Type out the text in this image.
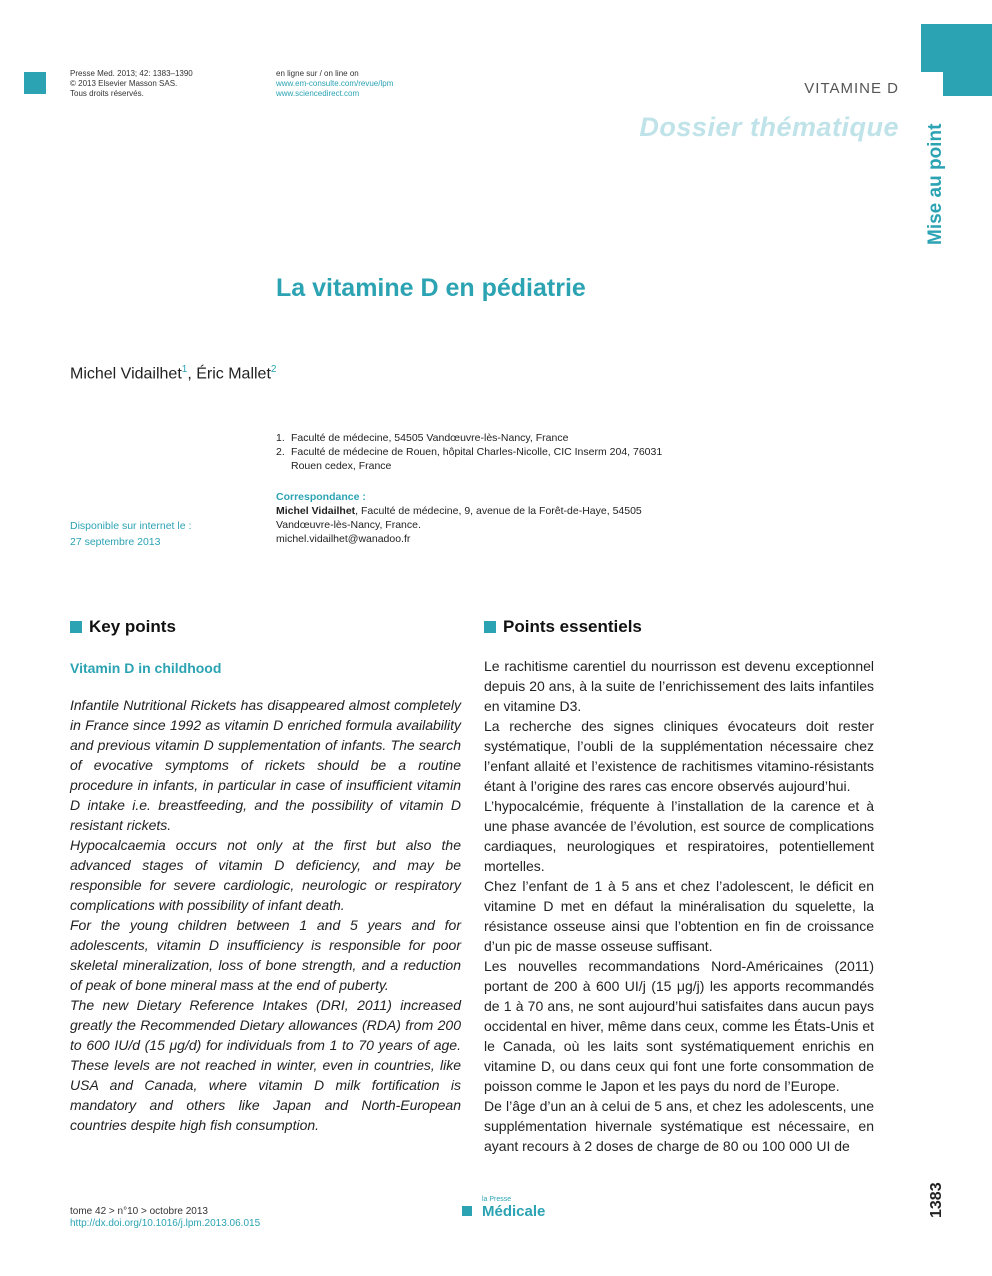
Presse Med. 2013; 42: 1383–1390
© 2013 Elsevier Masson SAS.
Tous droits réservés.
en ligne sur / on line on
www.em-consulte.com/revue/lpm
www.sciencedirect.com	VITAMINE D
Dossier thématique	Mise au point
La vitamine D en pédiatrie
Michel Vidailhet$^1$, Éric Mallet$^2$
1. Faculté de médecine, 54505 Vandœuvre-lès-Nancy, France
2. Faculté de médecine de Rouen, hôpital Charles-Nicolle, CIC Inserm 204, 76031 Rouen cedex, France
Correspondance :
Michel Vidailhet, Faculté de médecine, 9, avenue de la Forêt-de-Haye, 54505 Vandœuvre-lès-Nancy, France.
michel.vidailhet@wanadoo.fr
Disponible sur internet le :
27 septembre 2013
Key points
Vitamin D in childhood

Infantile Nutritional Rickets has disappeared almost completely in France since 1992 as vitamin D enriched formula availability and previous vitamin D supplementation of infants. The search of evocative symptoms of rickets should be a routine procedure in infants, in particular in case of insufficient vitamin D intake i.e. breastfeeding, and the possibility of vitamin D resistant rickets.

Hypocalcaemia occurs not only at the first but also the advanced stages of vitamin D deficiency, and may be responsible for severe cardiologic, neurologic or respiratory complications with possibility of infant death.

For the young children between 1 and 5 years and for adolescents, vitamin D insufficiency is responsible for poor skeletal mineralization, loss of bone strength, and a reduction of peak of bone mineral mass at the end of puberty.

The new Dietary Reference Intakes (DRI, 2011) increased greatly the Recommended Dietary allowances (RDA) from 200 to 600 IU/d (15 μg/d) for individuals from 1 to 70 years of age. These levels are not reached in winter, even in countries, like USA and Canada, where vitamin D milk fortification is mandatory and others like Japan and North-European countries despite high fish consumption.

Points essentiels

Le rachitisme carentiel du nourrisson est devenu exceptionnel depuis 20 ans, à la suite de l’enrichissement des laits infantiles en vitamine D3.

La recherche des signes cliniques évocateurs doit rester systématique, l’oubli de la supplémentation nécessaire chez l’enfant allaité et l’existence de rachitismes vitamino-résistants étant à l’origine des rares cas encore observés aujourd’hui.

L’hypocalcémie, fréquente à l’installation de la carence et à une phase avancée de l’évolution, est source de complications cardiaques, neurologiques et respiratoires, potentiellement mortelles.

Chez l’enfant de 1 à 5 ans et chez l’adolescent, le déficit en vitamine D met en défaut la minéralisation du squelette, la résistance osseuse ainsi que l’obtention en fin de croissance d’un pic de masse osseuse suffisant.

Les nouvelles recommandations Nord-Américaines (2011) portant de 200 à 600 UI/j (15 μg/j) les apports recommandés de 1 à 70 ans, ne sont aujourd’hui satisfaites dans aucun pays occidental en hiver, même dans ceux, comme les États-Unis et le Canada, où les laits sont systématiquement enrichis en vitamine D, ou dans ceux qui font une forte consommation de poisson comme le Japon et les pays du nord de l’Europe.

De l’âge d’un an à celui de 5 ans, et chez les adolescents, une supplémentation hivernale systématique est nécessaire, en ayant recours à 2 doses de charge de 80 ou 100 000 UI de

tome 42 > n°10 > octobre 2013
http://dx.doi.org/10.1016/j.lpm.2013.06.015
la Presse
Médicale	1383
